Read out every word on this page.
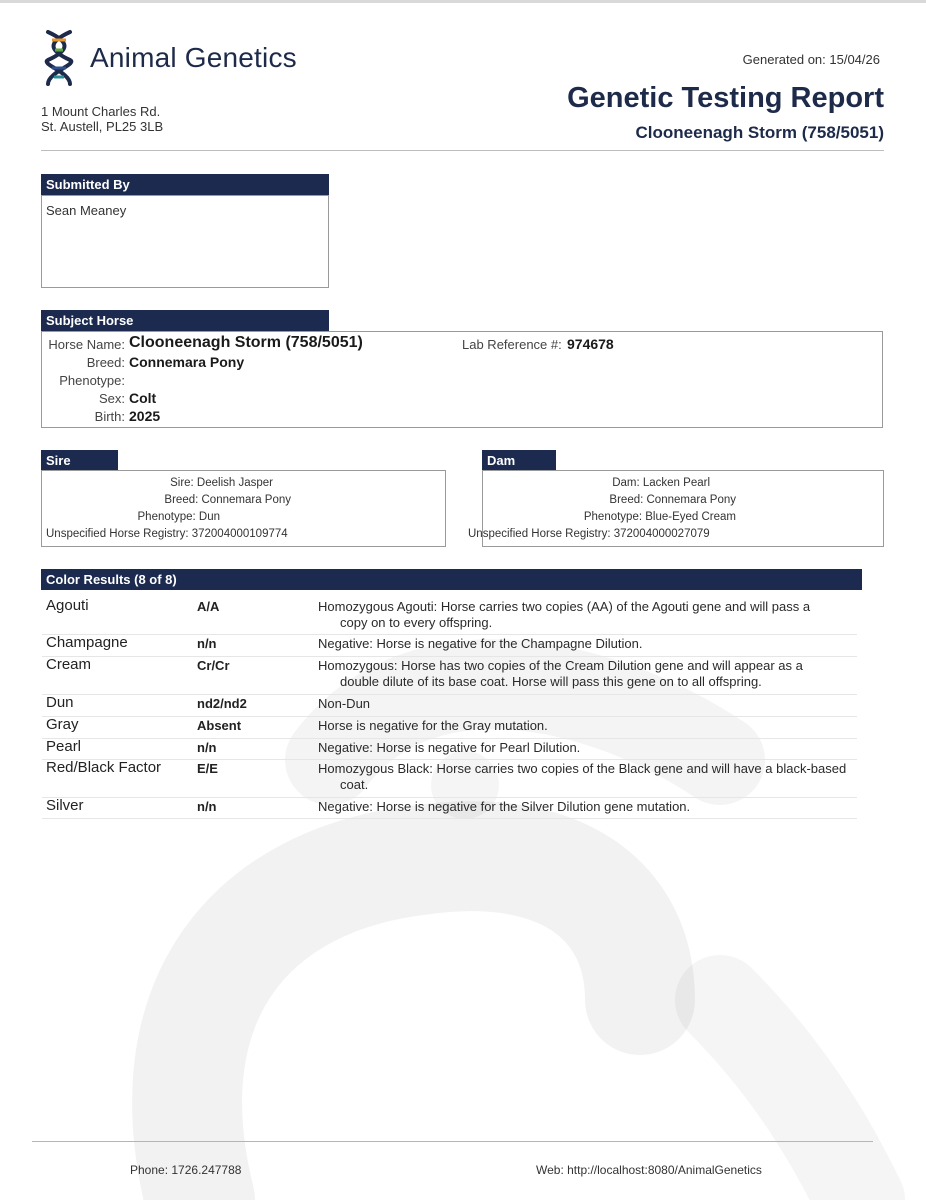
Animal Genetics
1 Mount Charles Rd.
St. Austell, PL25 3LB
Generated on: 15/04/26
Genetic Testing Report
Clooneenagh Storm (758/5051)
Submitted By
Sean Meaney
Subject Horse
Horse Name: Clooneenagh Storm (758/5051)
Breed: Connemara Pony
Phenotype:
Sex: Colt
Birth: 2025
Lab Reference #: 974678
Sire
Sire: Deelish Jasper
Breed: Connemara Pony
Phenotype: Dun
Unspecified Horse Registry: 372004000109774
Dam
Dam: Lacken Pearl
Breed: Connemara Pony
Phenotype: Blue-Eyed Cream
Unspecified Horse Registry: 372004000027079
Color Results (8 of 8)
Agouti	A/A	Homozygous Agouti: Horse carries two copies (AA) of the Agouti gene and will pass a
copy on to every offspring.
Champagne	n/n	Negative: Horse is negative for the Champagne Dilution.
Cream	Cr/Cr	Homozygous: Horse has two copies of the Cream Dilution gene and will appear as a
double dilute of its base coat. Horse will pass this gene on to all offspring.
Dun	nd2/nd2	Non-Dun
Gray	Absent	Horse is negative for the Gray mutation.
Pearl	n/n	Negative: Horse is negative for Pearl Dilution.
Red/Black Factor	E/E	Homozygous Black: Horse carries two copies of the Black gene and will have a black-based
coat.
Silver	n/n	Negative: Horse is negative for the Silver Dilution gene mutation.
Phone: 1726.247788	Web: http://localhost:8080/AnimalGenetics
